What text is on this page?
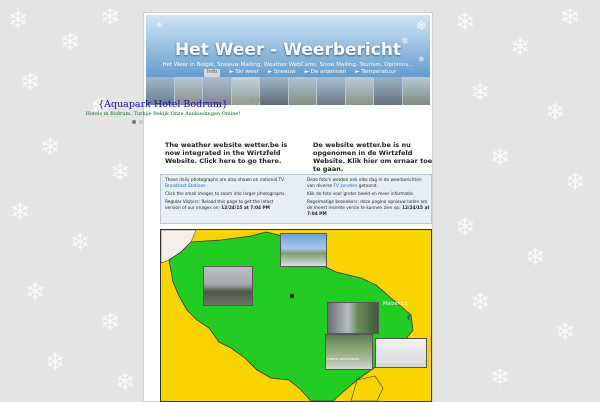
❄
❄
❄
❄
❄
❄
❄
❄
❄
❄
❄
❄
❄
❄
❄
❄
❄
❄
❄
❄
❄
❄
❄
❄
❄
❄
❄
❄
❄
Het Weer - Weerbericht
Het Weer in België, Sneeuw Mailing, Weather WebCams, Snow Mailing, Tourism, Opinions...
Info	► Ski weer ► Sneeuw ► De ardennen ► Temperatuur
{Aquapark Hotel Bodrum}
Hotels in Bodrum, Turkije Bekijk Onze Aanbiedingen Online!
▷ ✕
The weather website wetter.be is now integrated in the Wirtzfeld Website. Click here to go there.
De website wetter.be is nu opgenomen in de Wirtzfeld Website. Klik hier om ernaar toe te gaan.

These daily photographs are also shown on national TV Broadcast Stations

Click the small images to zoom into larger photographs.

Regular Visitors: Reload this page to get the latest version of our images on: 12/24/15 at 7:04 PM

Deze foto's worden ook elke dag in de weerberichten van diverse TV zenders getoond.

Klik de foto voor groter beeld en meer informatie.

Regelmatige bezoekers: deze pagina opnieuw laden om de meest recente versie te kunnen zien op: 12/24/15 at 7:04 PM

FOREST RESTAURANT
Malzenich
▮
